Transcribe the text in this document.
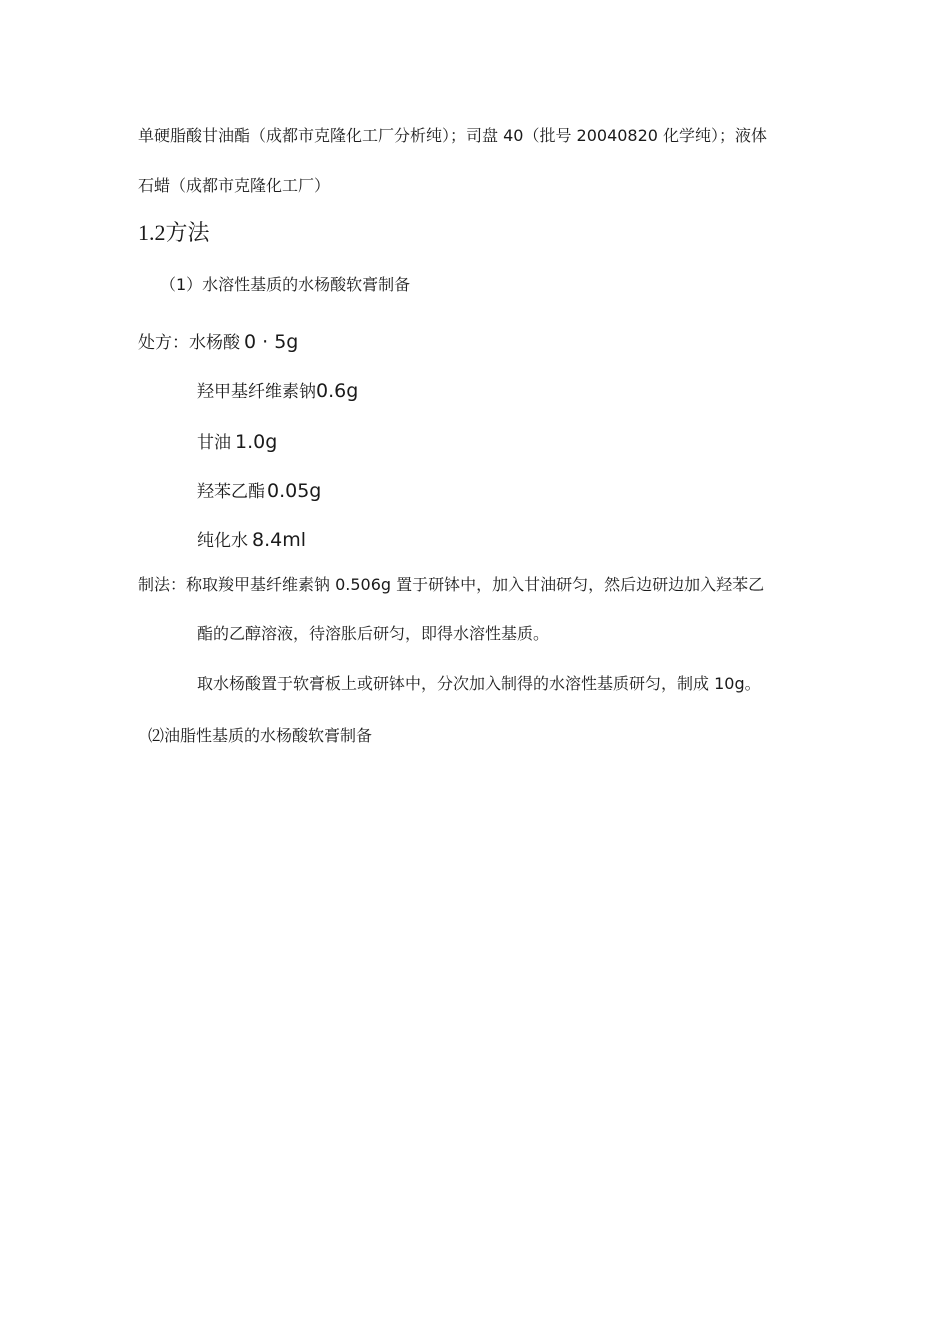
单硬脂酸甘油酯（成都市克隆化工厂分析纯）；司盘 40（批号 20040820 化学纯）；液体
石蜡（成都市克隆化工厂）
1.2方法
（1）水溶性基质的水杨酸软膏制备
处方：水杨酸 0 · 5g
羟甲基纤维素钠0.6g
甘油 1.0g
羟苯乙酯 0.05g
纯化水 8.4ml
制法：称取羧甲基纤维素钠 0.506g 置于研钵中，加入甘油研匀，然后边研边加入羟苯乙
酯的乙醇溶液，待溶胀后研匀，即得水溶性基质。
取水杨酸置于软膏板上或研钵中，分次加入制得的水溶性基质研匀，制成 10g。
⑵油脂性基质的水杨酸软膏制备
